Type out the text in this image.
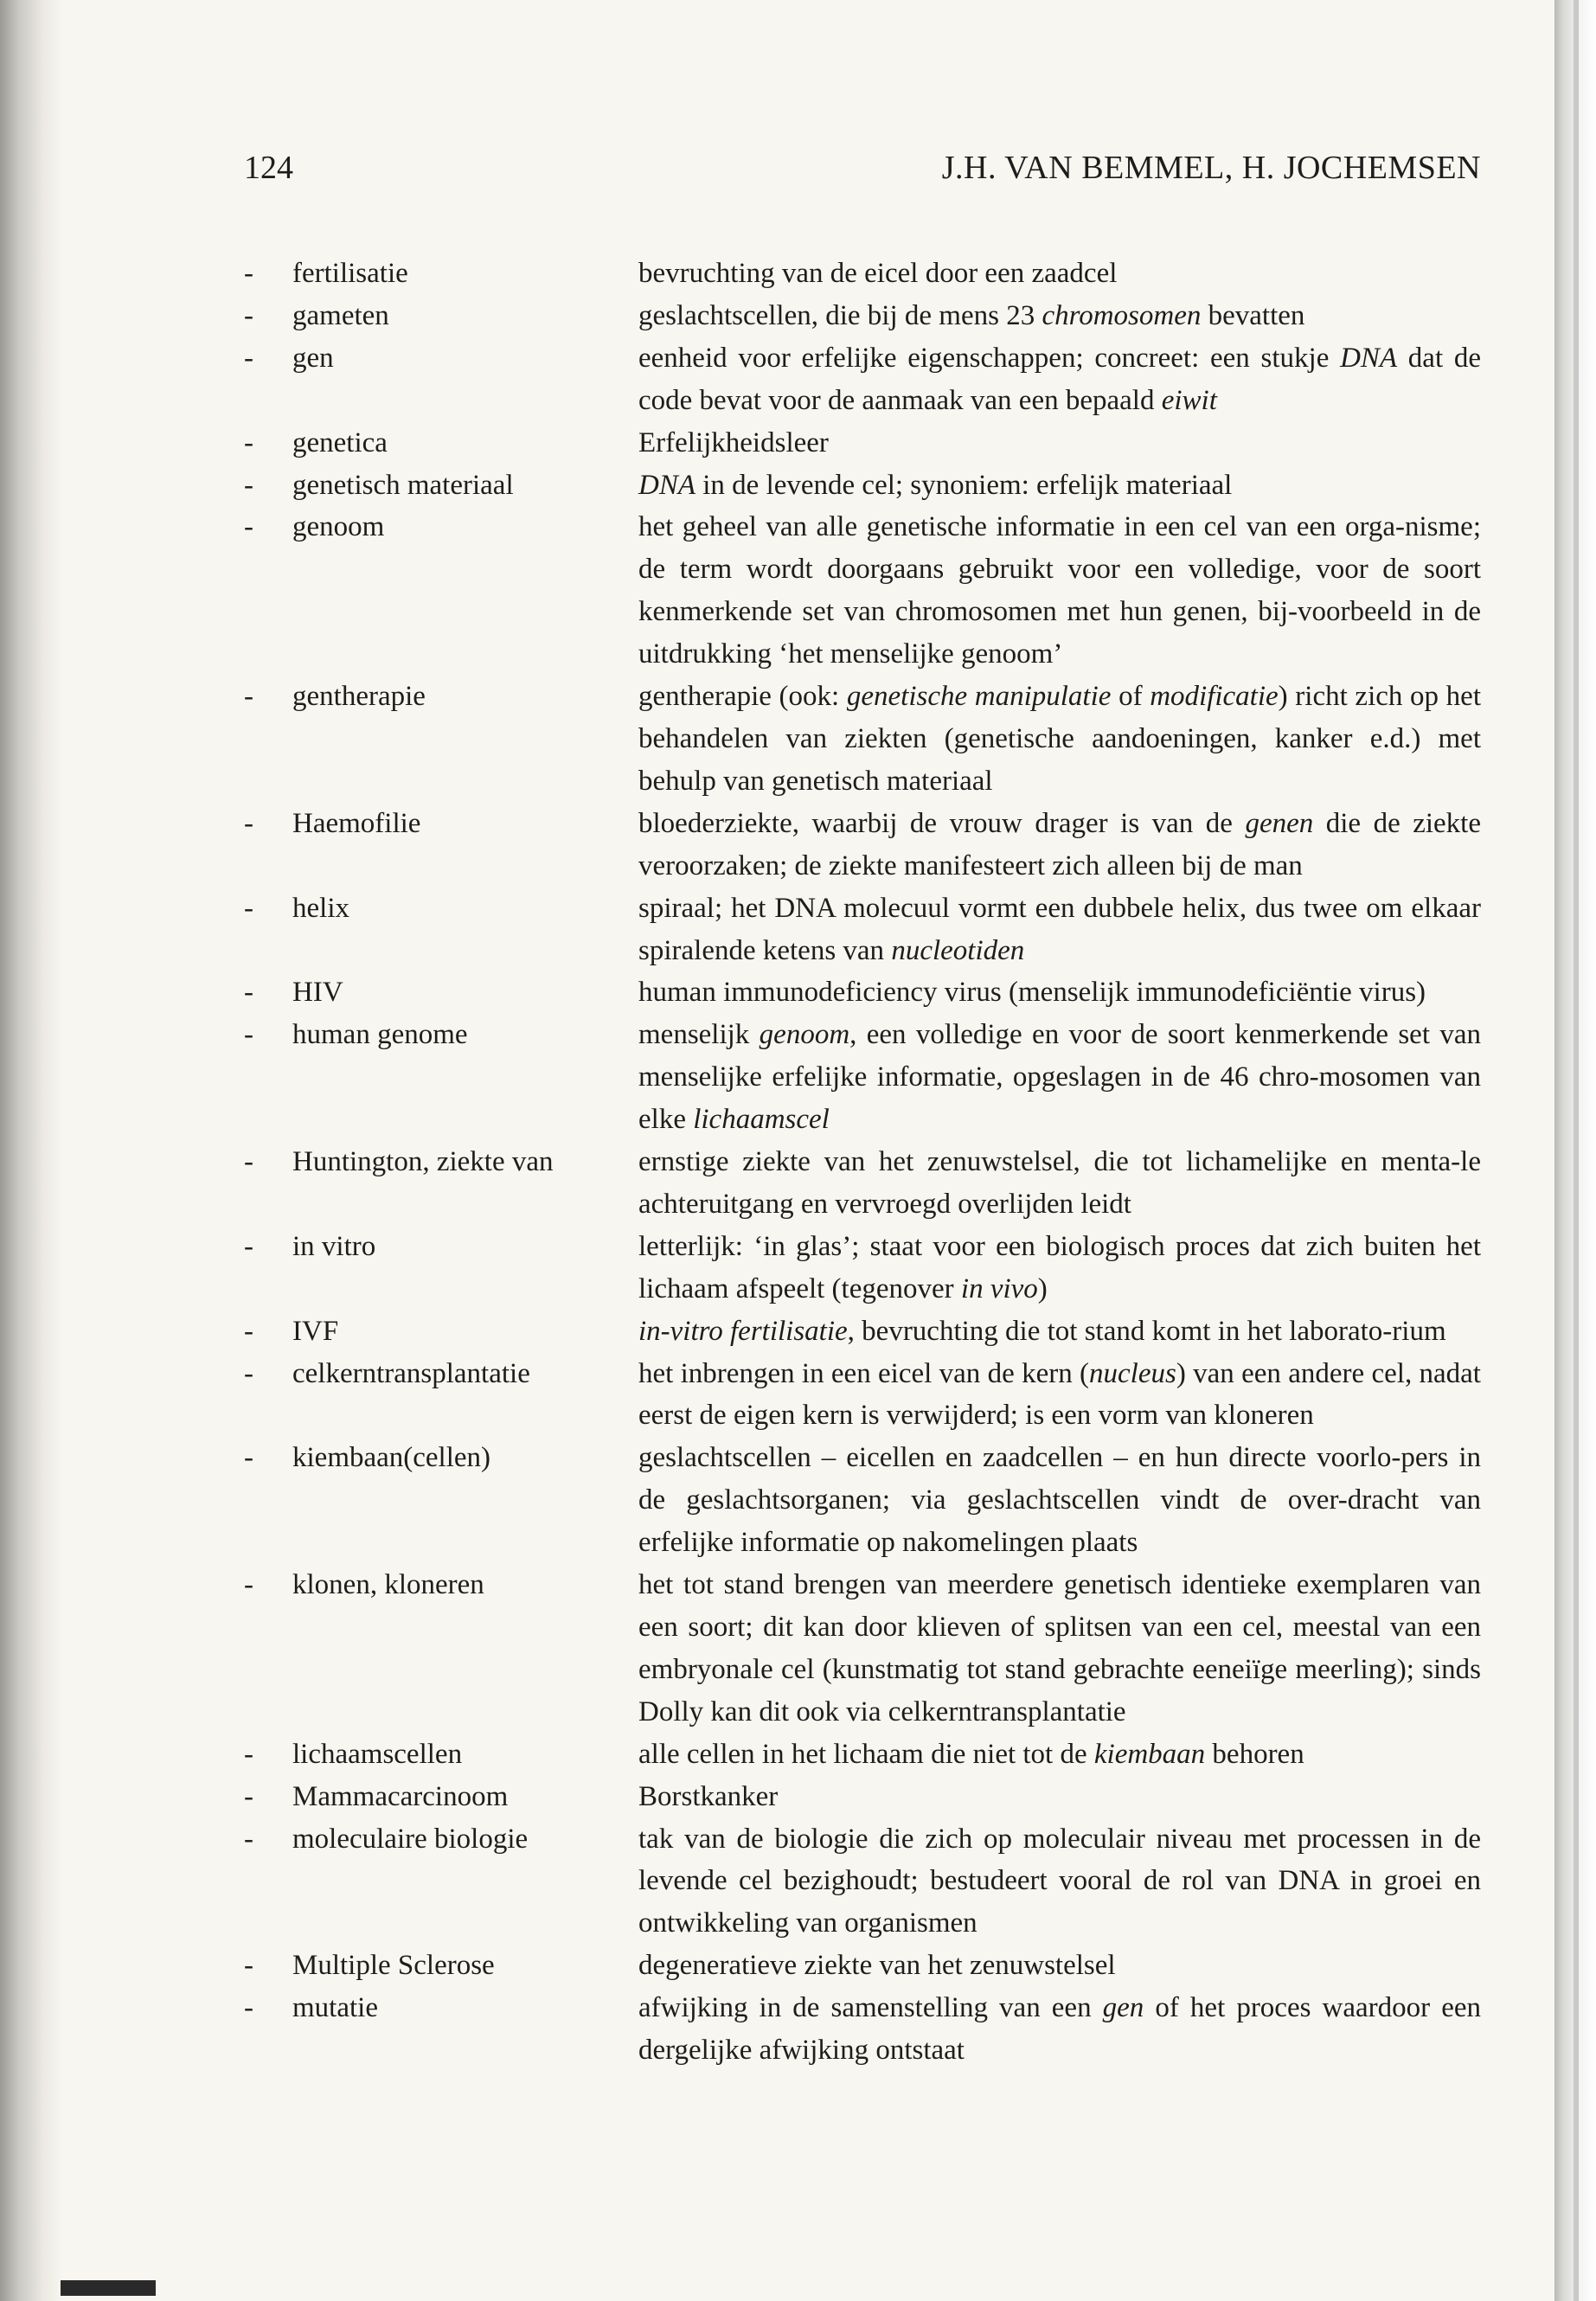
124	J.H. VAN BEMMEL, H. JOCHEMSEN
-	fertilisatie	bevruchting van de eicel door een zaadcel
-	gameten	geslachtscellen, die bij de mens 23 chromosomen bevatten
-	gen	eenheid voor erfelijke eigenschappen; concreet: een stukje DNA dat de code bevat voor de aanmaak van een bepaald eiwit
-	genetica	Erfelijkheidsleer
-	genetisch materiaal	DNA in de levende cel; synoniem: erfelijk materiaal
-	genoom	het geheel van alle genetische informatie in een cel van een orga-nisme; de term wordt doorgaans gebruikt voor een volledige, voor de soort kenmerkende set van chromosomen met hun genen, bij-voorbeeld in de uitdrukking ‘het menselijke genoom’
-	gentherapie	gentherapie (ook: genetische manipulatie of modificatie) richt zich op het behandelen van ziekten (genetische aandoeningen, kanker e.d.) met behulp van genetisch materiaal
-	Haemofilie	bloederziekte, waarbij de vrouw drager is van de genen die de ziekte veroorzaken; de ziekte manifesteert zich alleen bij de man
-	helix	spiraal; het DNA molecuul vormt een dubbele helix, dus twee om elkaar spiralende ketens van nucleotiden
-	HIV	human immunodeficiency virus (menselijk immunodeficiëntie virus)
-	human genome	menselijk genoom, een volledige en voor de soort kenmerkende set van menselijke erfelijke informatie, opgeslagen in de 46 chro-mosomen van elke lichaamscel
-	Huntington, ziekte van	ernstige ziekte van het zenuwstelsel, die tot lichamelijke en menta-le achteruitgang en vervroegd overlijden leidt
-	in vitro	letterlijk: ‘in glas’; staat voor een biologisch proces dat zich buiten het lichaam afspeelt (tegenover in vivo)
-	IVF	in-vitro fertilisatie, bevruchting die tot stand komt in het laborato-rium
-	celkerntransplantatie	het inbrengen in een eicel van de kern (nucleus) van een andere cel, nadat eerst de eigen kern is verwijderd; is een vorm van kloneren
-	kiembaan(cellen)	geslachtscellen – eicellen en zaadcellen – en hun directe voorlo-pers in de geslachtsorganen; via geslachtscellen vindt de over-dracht van erfelijke informatie op nakomelingen plaats
-	klonen, kloneren	het tot stand brengen van meerdere genetisch identieke exemplaren van een soort; dit kan door klieven of splitsen van een cel, meestal van een embryonale cel (kunstmatig tot stand gebrachte eeneiïge meerling); sinds Dolly kan dit ook via celkerntransplantatie
-	lichaamscellen	alle cellen in het lichaam die niet tot de kiembaan behoren
-	Mammacarcinoom	Borstkanker
-	moleculaire biologie	tak van de biologie die zich op moleculair niveau met processen in de levende cel bezighoudt; bestudeert vooral de rol van DNA in groei en ontwikkeling van organismen
-	Multiple Sclerose	degeneratieve ziekte van het zenuwstelsel
-	mutatie	afwijking in de samenstelling van een gen of het proces waardoor een dergelijke afwijking ontstaat
